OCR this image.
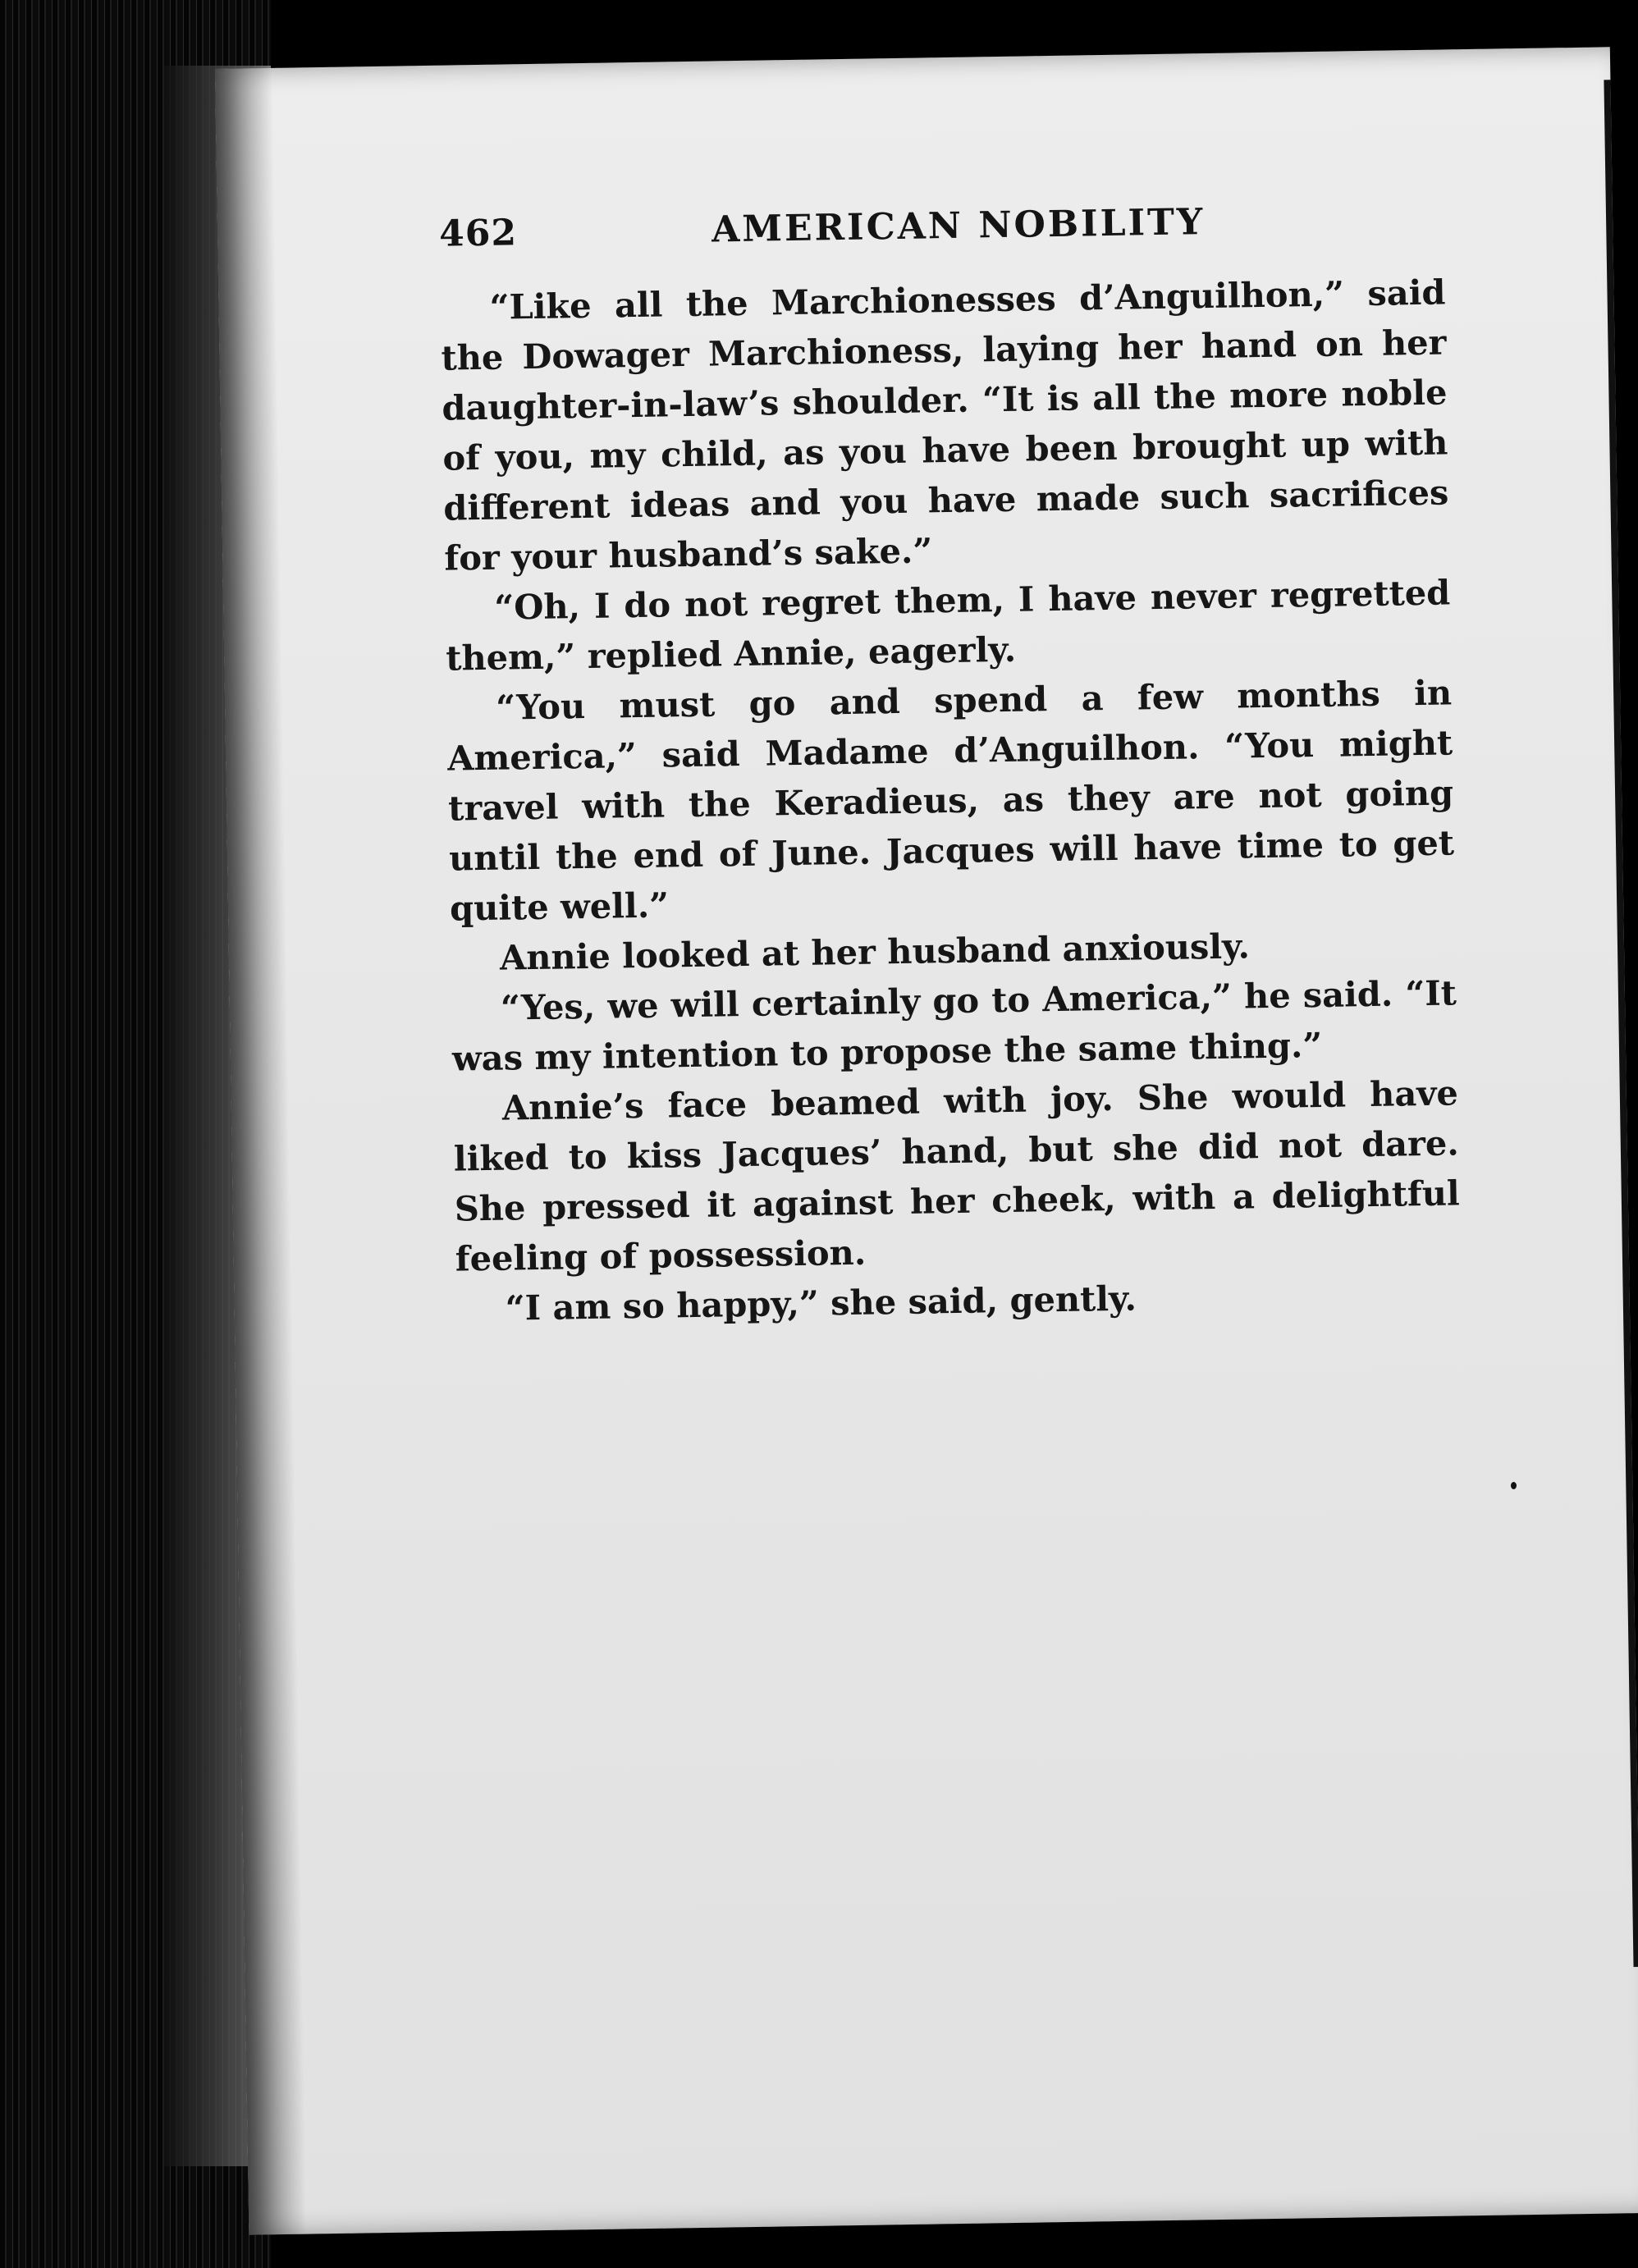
462	AMERICAN NOBILITY

“Like all the Marchionesses d’Anguilhon,” said the Dowager Marchioness, laying her hand on her daughter-in-law’s shoulder. “It is all the more noble of you, my child, as you have been brought up with different ideas and you have made such sacrifices for your husband’s sake.”

“Oh, I do not regret them, I have never regretted them,” replied Annie, eagerly.

“You must go and spend a few months in America,” said Madame d’Anguilhon. “You might travel with the Keradieus, as they are not going until the end of June. Jacques will have time to get quite well.”

Annie looked at her husband anxiously.

“Yes, we will certainly go to America,” he said. “It was my intention to propose the same thing.”

Annie’s face beamed with joy. She would have liked to kiss Jacques’ hand, but she did not dare. She pressed it against her cheek, with a delightful feeling of possession.

“I am so happy,” she said, gently.
